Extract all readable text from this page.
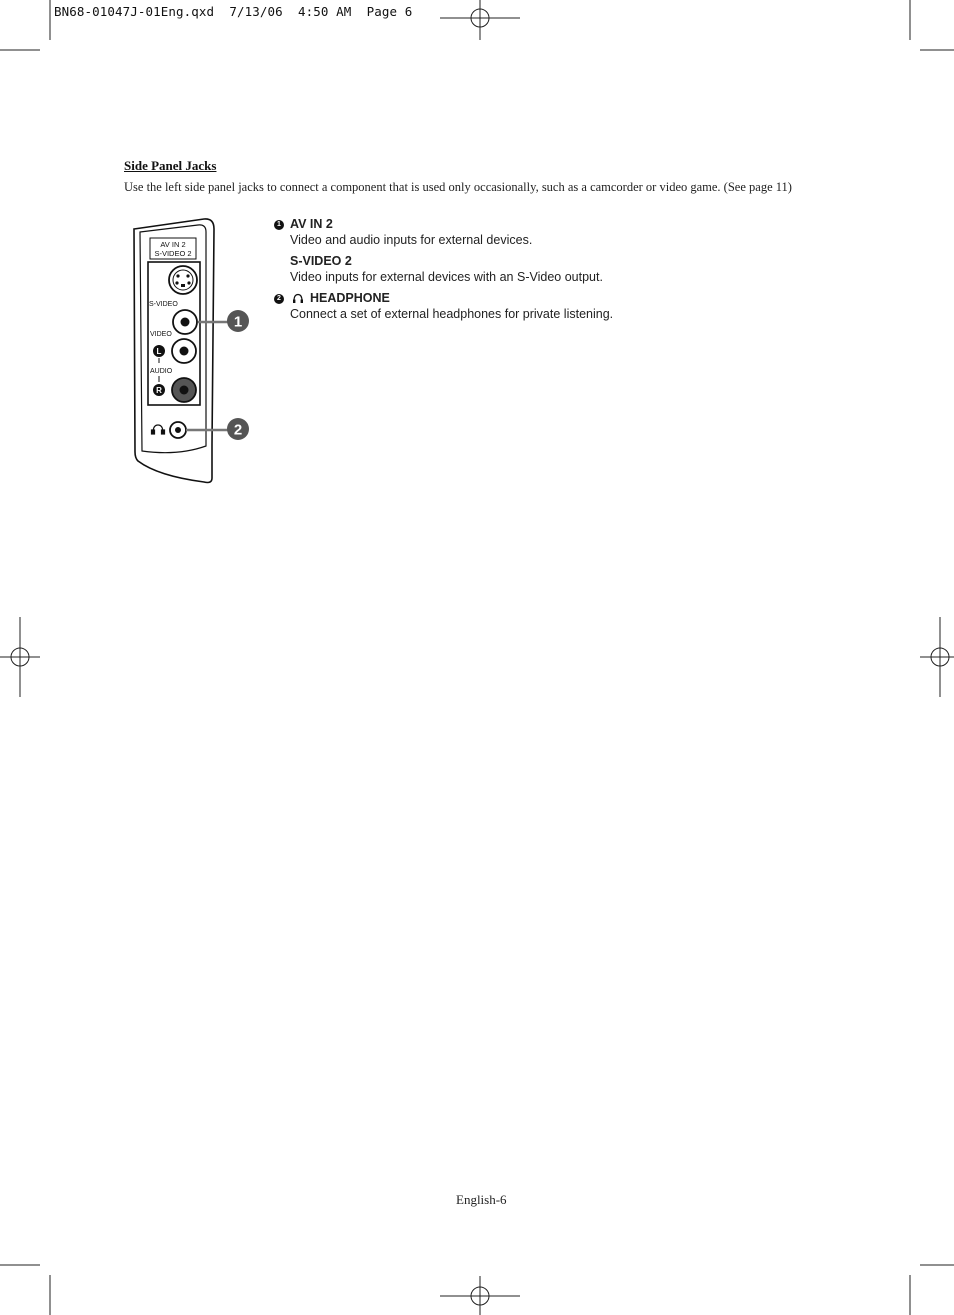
BN68-01047J-01Eng.qxd  7/13/06  4:50 AM  Page 6
Side Panel Jacks
Use the left side panel jacks to connect a component that is used only occasionally, such as a camcorder or video game. (See page 11)
AV IN 2
S-VIDEO 2
S-VIDEO
VIDEO
L
AUDIO
R
1
2
1 AV IN 2
Video and audio inputs for external devices.
S-VIDEO 2
Video inputs for external devices with an S-Video output.
2 HEADPHONE
Connect a set of external headphones for private listening.
English-6
